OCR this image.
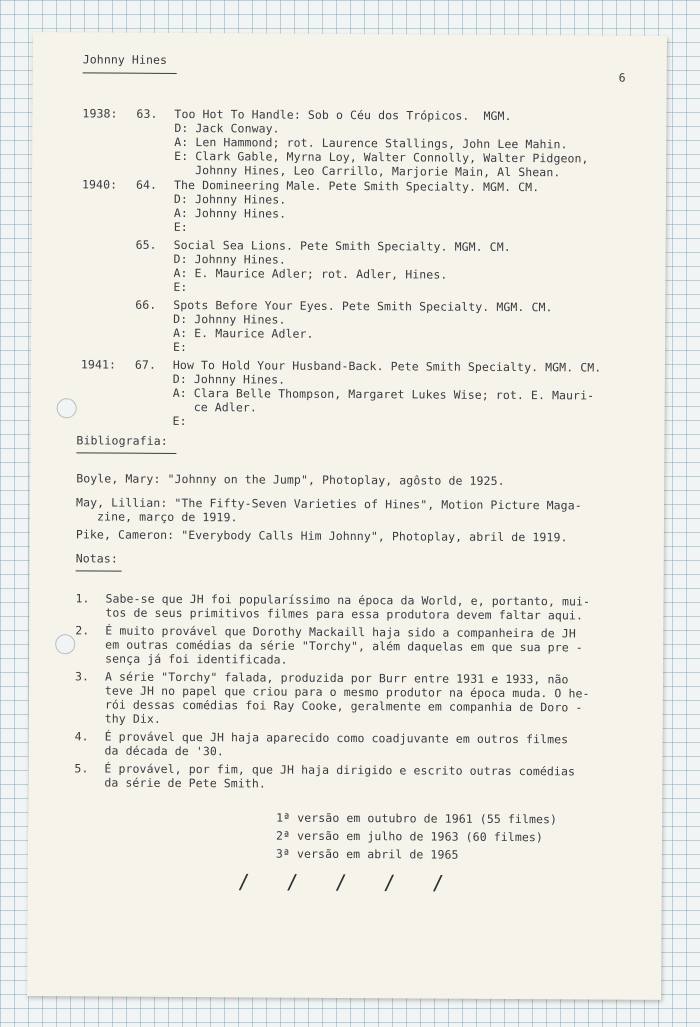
Johnny Hines
6
1938: 63. Too Hot To Handle: Sob o Céu dos Trópicos.  MGM.
D: Jack Conway.
A: Len Hammond; rot. Laurence Stallings, John Lee Mahin.
E: Clark Gable, Myrna Loy, Walter Connolly, Walter Pidgeon,
Johnny Hines, Leo Carrillo, Marjorie Main, Al Shean.
1940: 64. The Domineering Male. Pete Smith Specialty. MGM. CM.
D: Johnny Hines.
A: Johnny Hines.
E:
65. Social Sea Lions. Pete Smith Specialty. MGM. CM.
D: Johnny Hines.
A: E. Maurice Adler; rot. Adler, Hines.
E:
66. Spots Before Your Eyes. Pete Smith Specialty. MGM. CM.
D: Johnny Hines.
A: E. Maurice Adler.
E:
1941: 67. How To Hold Your Husband-Back. Pete Smith Specialty. MGM. CM.
D: Johnny Hines.
A: Clara Belle Thompson, Margaret Lukes Wise; rot. E. Mauri-
ce Adler.
E:
Bibliografia:
Boyle, Mary: "Johnny on the Jump", Photoplay, agôsto de 1925.
May, Lillian: "The Fifty-Seven Varieties of Hines", Motion Picture Maga-
zine, março de 1919.
Pike, Cameron: "Everybody Calls Him Johnny", Photoplay, abril de 1919.
Notas:
1. Sabe-se que JH foi popularíssimo na época da World, e, portanto, mui-
tos de seus primitivos filmes para essa produtora devem faltar aqui.
2. É muito provável que Dorothy Mackaill haja sido a companheira de JH
em outras comédias da série "Torchy", além daquelas em que sua pre -
sença já foi identificada.
3. A série "Torchy" falada, produzida por Burr entre 1931 e 1933, não
teve JH no papel que criou para o mesmo produtor na época muda. O he-
rói dessas comédias foi Ray Cooke, geralmente em companhia de Doro -
thy Dix.
4. É provável que JH haja aparecido como coadjuvante em outros filmes
da década de '30.
5. É provável, por fim, que JH haja dirigido e escrito outras comédias
da série de Pete Smith.
1ª versão em outubro de 1961 (55 filmes)
2ª versão em julho de 1963 (60 filmes)
3ª versão em abril de 1965
/   /   /   /   /
